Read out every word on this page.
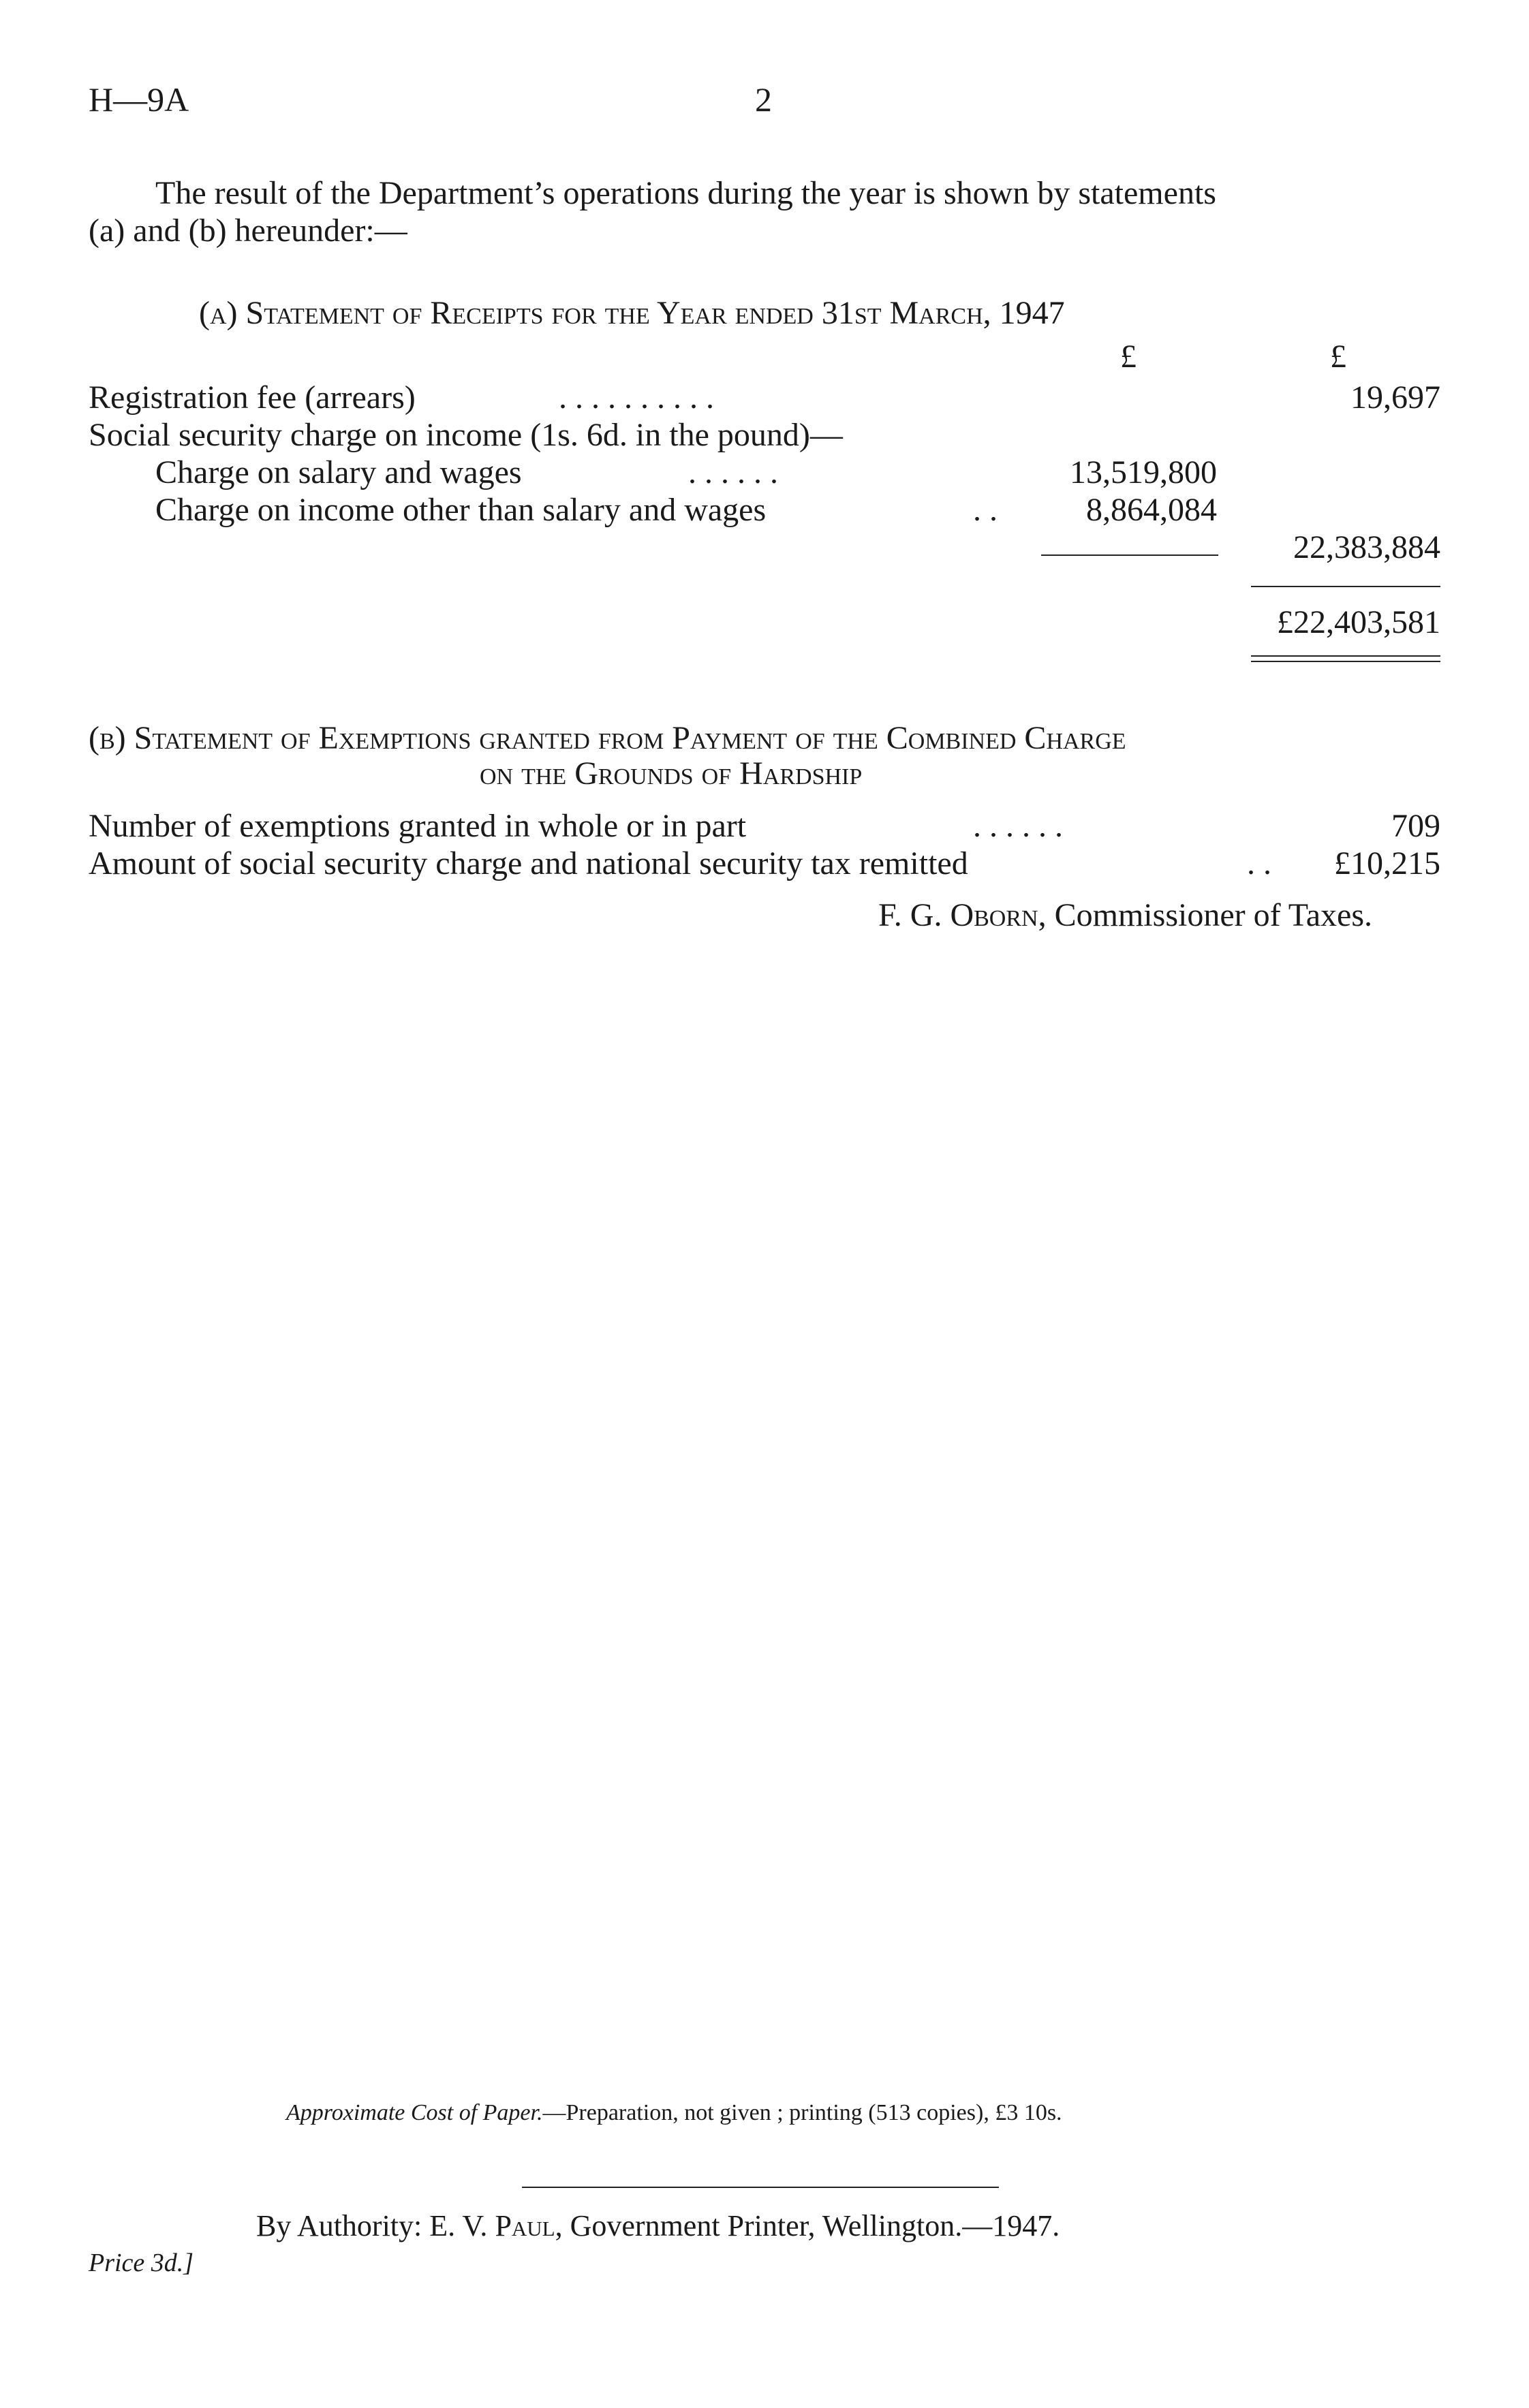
H—9A	2
The result of the Department’s operations during the year is shown by statements
(a) and (b) hereunder:—
(a) Statement of Receipts for the Year ended 31st March, 1947
£	£
Registration fee (arrears)	. . . . . . . . . .	19,697
Social security charge on income (1s. 6d. in the pound)—
Charge on salary and wages	. . . . . .	13,519,800
Charge on income other than salary and wages	. .	8,864,084
22,383,884
£22,403,581
(b) Statement of Exemptions granted from Payment of the Combined Charge
on the Grounds of Hardship
Number of exemptions granted in whole or in part	. . . . . .	709
Amount of social security charge and national security tax remitted	. . £10,215
F. G. Oborn, Commissioner of Taxes.
Approximate Cost of Paper.—Preparation, not given ; printing (513 copies), £3 10s.
By Authority: E. V. Paul, Government Printer, Wellington.—1947.
Price 3d.]
